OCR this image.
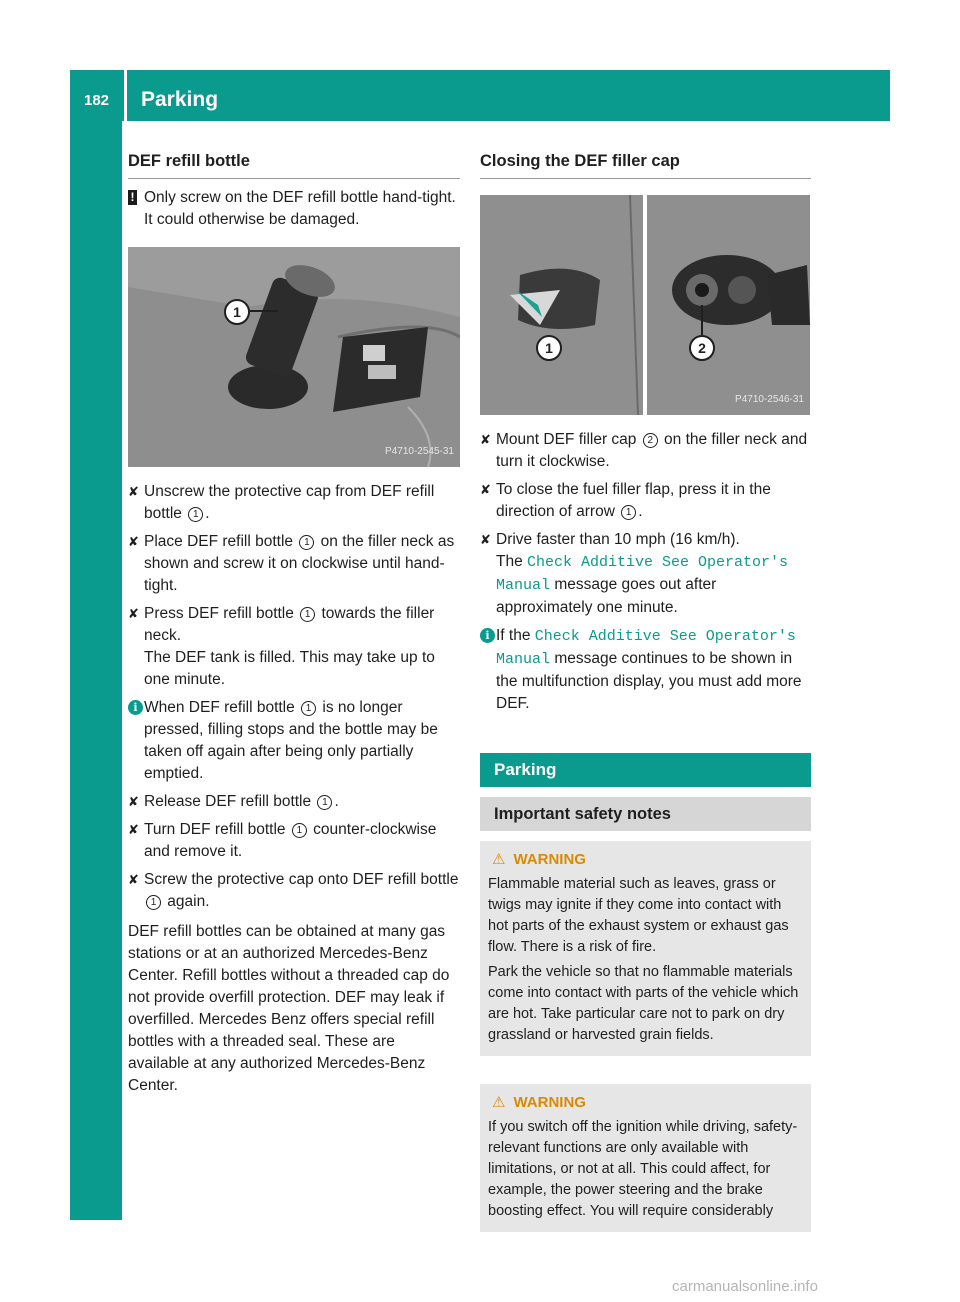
182 Parking
Driving and parking
DEF refill bottle
! Only screw on the DEF refill bottle hand-tight. It could otherwise be damaged.
1
P4710-2545-31
✘ Unscrew the protective cap from DEF refill bottle 1 .
✘ Place DEF refill bottle 1 on the filler neck as shown and screw it on clockwise until hand-tight.
✘ Press DEF refill bottle 1 towards the filler neck.
The DEF tank is filled. This may take up to one minute.
i When DEF refill bottle 1 is no longer pressed, filling stops and the bottle may be taken off again after being only partially emptied.
✘ Release DEF refill bottle 1 .
✘ Turn DEF refill bottle 1 counter-clockwise and remove it.
✘ Screw the protective cap onto DEF refill bottle 1 again.
DEF refill bottles can be obtained at many gas stations or at an authorized Mercedes-Benz Center. Refill bottles without a threaded cap do not provide overfill protection. DEF may leak if overfilled. Mercedes Benz offers special refill bottles with a threaded seal. These are available at any authorized Mercedes-Benz Center.
Closing the DEF filler cap
1	2
P4710-2546-31
✘ Mount DEF filler cap 2 on the filler neck and turn it clockwise.
✘ To close the fuel filler flap, press it in the direction of arrow 1 .
✘ Drive faster than 10 mph (16 km/h).
The Check Additive See Operator's Manual message goes out after approximately one minute.
i If the Check Additive See Operator's Manual message continues to be shown in the multifunction display, you must add more DEF.
Parking
Important safety notes
⚠ WARNING

Flammable material such as leaves, grass or twigs may ignite if they come into contact with hot parts of the exhaust system or exhaust gas flow. There is a risk of fire.

Park the vehicle so that no flammable materials come into contact with parts of the vehicle which are hot. Take particular care not to park on dry grassland or harvested grain fields.

⚠ WARNING

If you switch off the ignition while driving, safety-relevant functions are only available with limitations, or not at all. This could affect, for example, the power steering and the brake boosting effect. You will require considerably

carmanualsonline.info
